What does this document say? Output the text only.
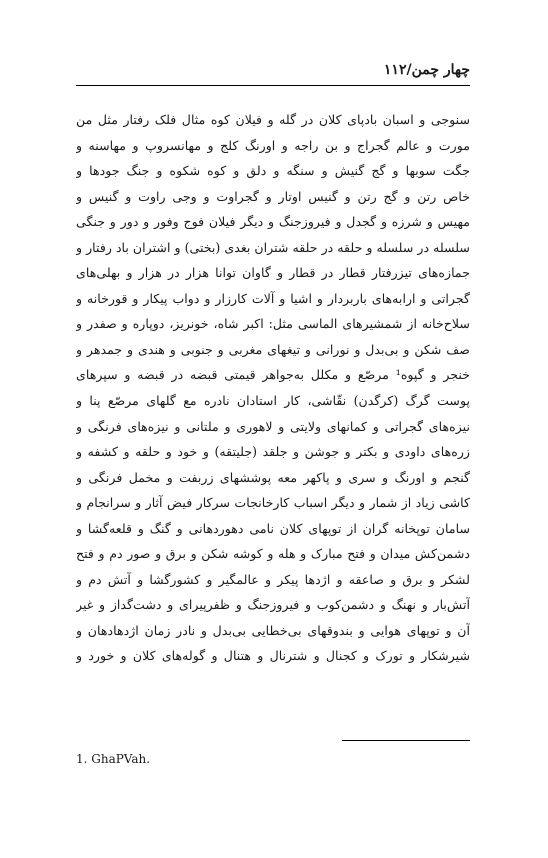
چهار چمن/۱۱۲
سنوجی و اسبان بادپای کلان در گله و فیلان کوه مثال فلک رفتار مثل من
مورت و عالم گجراج و بن راجه و اورنگ کلج و مهانسروپ و مهاسنه و
جگت سوبها و گج گنیش و سنگه و دلق و کوه شکوه و جنگ جودها و
خاص رتن و گج رتن و گنیس اوتار و گجراوت و وجی راوت و گنیس و
مهیس و شرزه و گجدل و فیروزجنگ و دیگر فیلان فوج وفور و دور و جنگی
سلسله در سلسله و حلقه در حلقه شتران بغدی (بختی) و اشتران باد رفتار و
جمازه‌های تیزرفتار قطار در قطار و گاوان توانا هزار در هزار و بهلی‌های
گجراتی و ارابه‌های باربردار و اشیا و آلات کارزار و دواب پیکار و قورخانه و
سلاح‌خانه از شمشیرهای الماسی مثل: اکبر شاه، خونریز، دوپاره و صفدر و
صف شکن و بی‌بدل و نورانی و تیغهای مغربی و جنوبی و هندی و جمدهر و
خنجر و گپوه¹ مرصّع و مکلل به‌جواهر قیمتی قبضه در قبضه و سپرهای
پوست گرگ (کرگدن) نقّاشی، کار استادان نادره مع گلهای مرصّع پنا و
نیزه‌های گجراتی و کمانهای ولایتی و لاهوری و ملتانی و نیزه‌های فرنگی و
زره‌های داودی و بکتر و جوشن و جلقد (جلیتقه) و خود و حلقه و کشفه و
گنجم و اورنگ و سری و پاکهر معه پوششهای زربفت و مخمل فرنگی و
کاشی زیاد از شمار و دیگر اسباب کارخانجات سرکار فیض آثار و سرانجام و
سامان توپخانه گران از توپهای کلان نامی دهوردهانی و گنگ و قلعه‌گشا و
دشمن‌کش میدان و فتح مبارک و هله و کوشه شکن و برق و صور دم و فتح
لشکر و برق و صاعقه و اژدها پیکر و عالمگیر و کشورگشا و آتش دم و
آتش‌بار و نهنگ و دشمن‌کوب و فیروزجنگ و ظفرپیرای و دشت‌گداز و غیر
آن و توپهای هوایی و بندوقهای بی‌خطایی بی‌بدل و نادر زمان اژدهادهان و
شیرشکار و تورک و کجنال و شترنال و هتنال و گوله‌های کلان و خورد و
1. GhaPVah.
